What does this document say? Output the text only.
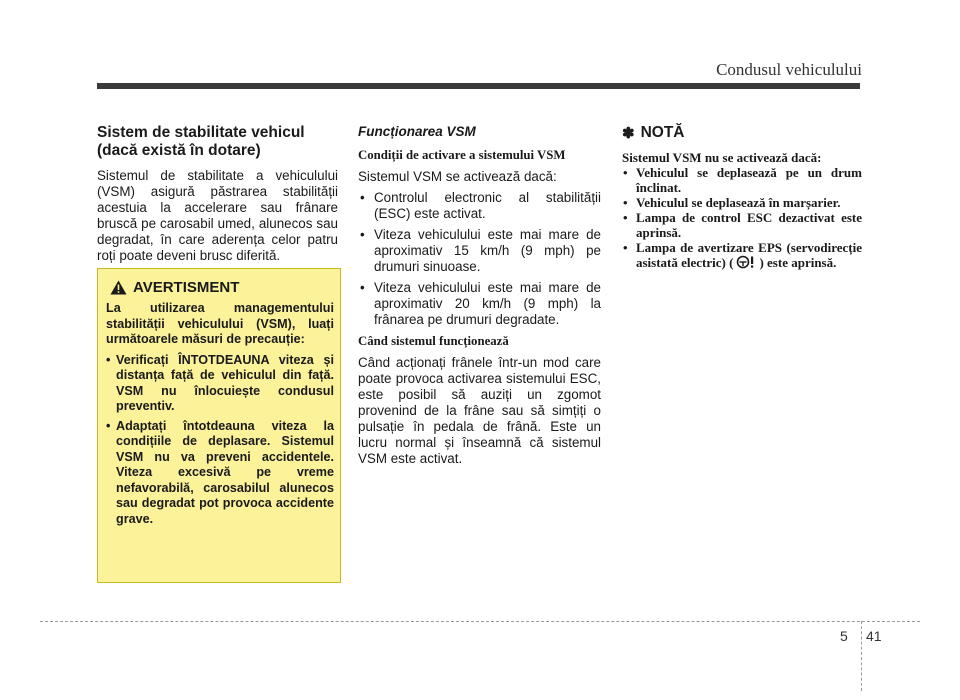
Condusul vehiculului
Sistem de stabilitate vehicul (dacă există în dotare)

Sistemul de stabilitate a vehiculului (VSM) asigură păstrarea stabilității acestuia la accelerare sau frânare bruscă pe carosabil umed, alunecos sau degradat, în care aderența celor patru roți poate deveni brusc diferită.

AVERTISMENT

La utilizarea managementului stabilității vehiculului (VSM), luați următoarele măsuri de precauție:

• Verificați ÎNTOTDEAUNA viteza și distanța față de vehiculul din față. VSM nu înlocuiește condusul preventiv.
• Adaptați întotdeauna viteza la condițiile de deplasare. Sistemul VSM nu va preveni accidentele. Viteza excesivă pe vreme nefavorabilă, carosabilul alunecos sau degradat pot provoca accidente grave.
Funcționarea VSM

Condiții de activare a sistemului VSM

Sistemul VSM se activează dacă:

• Controlul electronic al stabilității (ESC) este activat.
• Viteza vehiculului este mai mare de aproximativ 15 km/h (9 mph) pe drumuri sinuoase.
• Viteza vehiculului este mai mare de aproximativ 20 km/h (9 mph) la frânarea pe drumuri degradate.

Când sistemul funcționează

Când acționați frânele într-un mod care poate provoca activarea sistemului ESC, este posibil să auziți un zgomot provenind de la frâne sau să simțiți o pulsație în pedala de frână. Este un lucru normal și înseamnă că sistemul VSM este activat.

✽ NOTĂ

Sistemul VSM nu se activează dacă:

• Vehiculul se deplasează pe un drum înclinat.
• Vehiculul se deplasează în marșarier.
• Lampa de control ESC dezactivat este aprinsă.
• Lampa de avertizare EPS (servodirecție asistată electric) ( ) este aprinsă.
5 41
